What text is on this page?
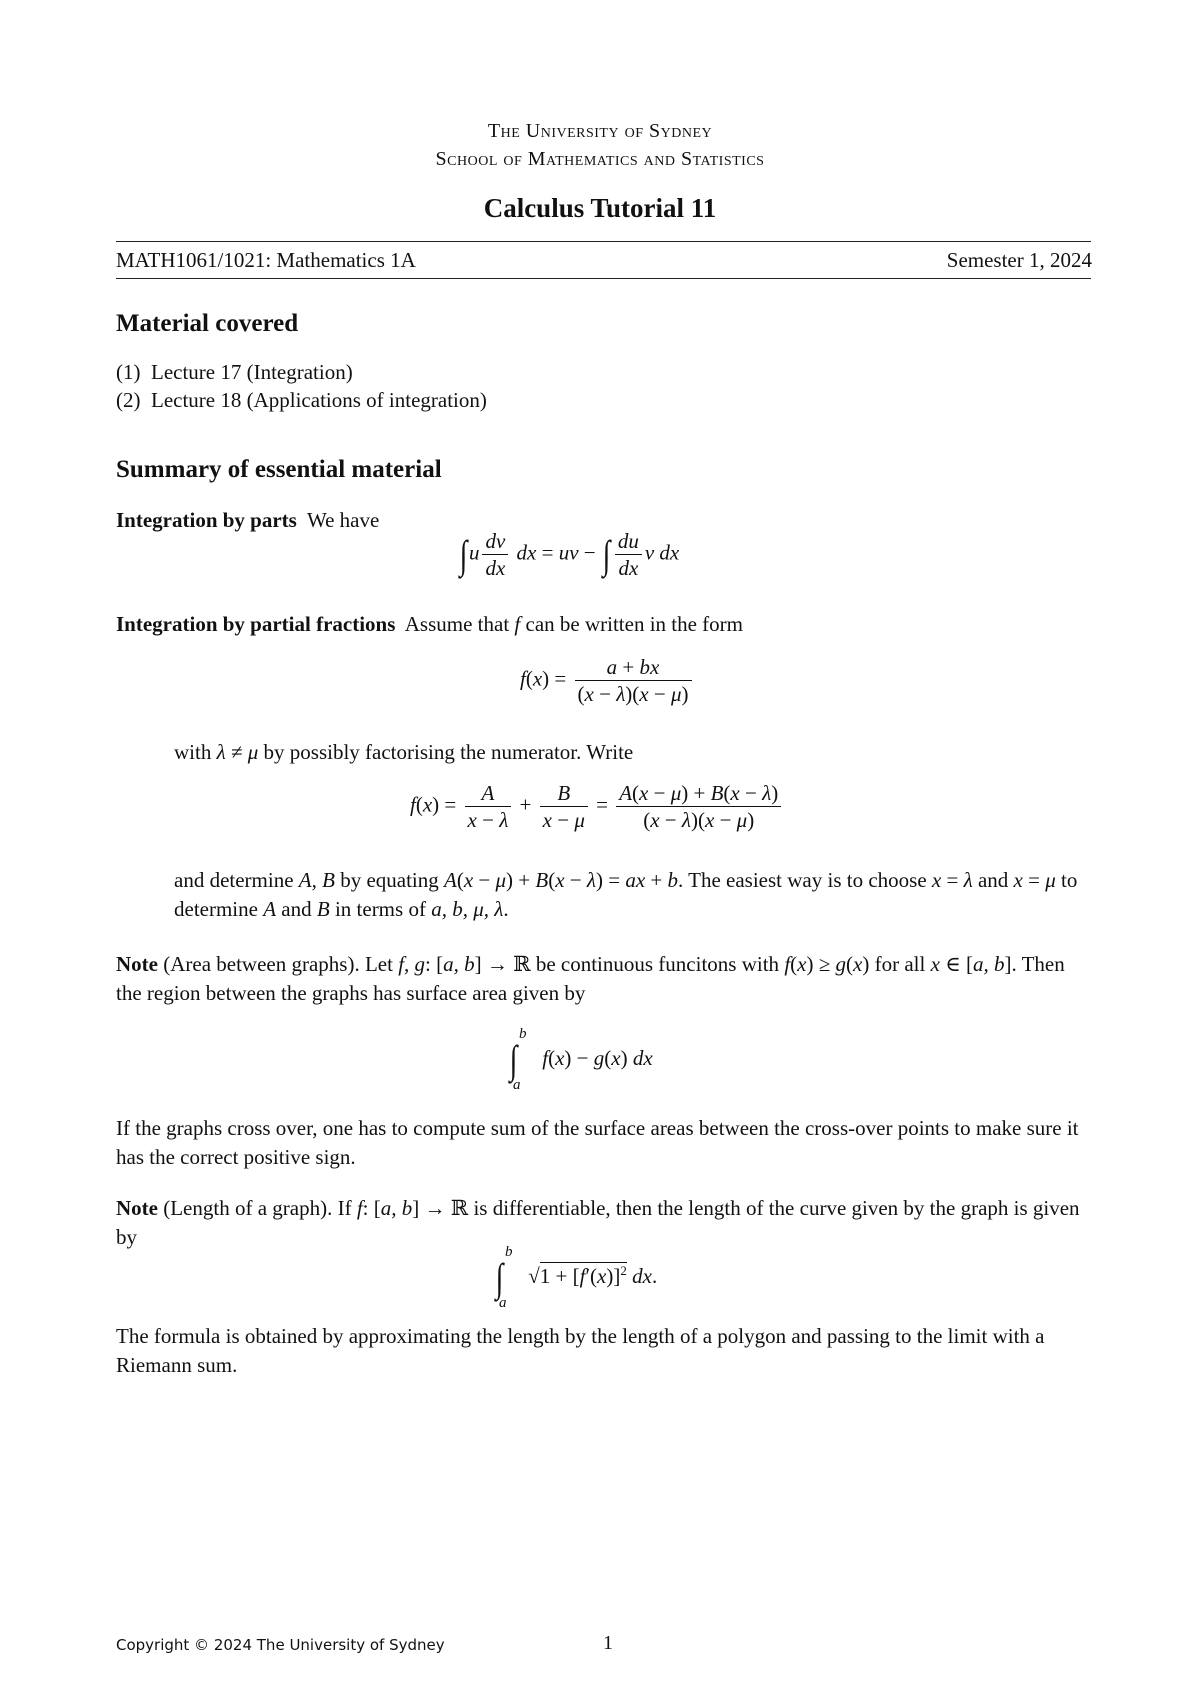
The University of Sydney
School of Mathematics and Statistics
Calculus Tutorial 11
MATH1061/1021: Mathematics 1A	Semester 1, 2024
Material covered
(1)  Lecture 17 (Integration)
(2)  Lecture 18 (Applications of integration)
Summary of essential material
Integration by parts We have
$\int u \frac{dv}{dx}$ dx = uv − ∫ $\frac{du}{dx}$ v dx
Integration by partial fractions Assume that f can be written in the form
$f(x) = \frac{a + bx}{(x - \lambda)(x - \mu)}$
with λ ≠ μ by possibly factorising the numerator. Write
$f(x) = \frac{A}{x - \lambda} + \frac{B}{x - \mu} = \frac{A(x - \mu) + B(x - \lambda)}{(x - \lambda)(x - \mu)}$
and determine A, B by equating A(x − μ) + B(x − λ) = ax + b. The easiest way is to choose x = λ and x = μ to determine A and B in terms of a, b, μ, λ.
Note (Area between graphs). Let f, g: [a, b] → ℝ be continuous funcitons with f(x) ≥ g(x) for all x ∈ [a, b]. Then the region between the graphs has surface area given by
∫
b
a
f(x) − g(x) dx
If the graphs cross over, one has to compute sum of the surface areas between the cross-over points to make sure it has the correct positive sign.
Note (Length of a graph). If f: [a, b] → ℝ is differentiable, then the length of the curve given by the graph is given by
∫
b
a
$√1 + [f'(x)]^2$ dx.
The formula is obtained by approximating the length by the length of a polygon and passing to the limit with a Riemann sum.
Copyright © 2024 The University of Sydney	1
